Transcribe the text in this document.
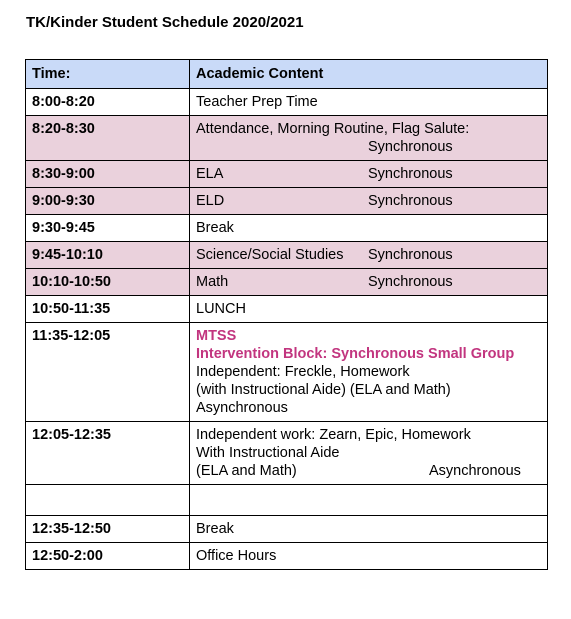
TK/Kinder Student Schedule 2020/2021
Time:	Academic Content
8:00-8:20	Teacher Prep Time
8:20-8:30	Attendance, Morning Routine, Flag Salute:
Synchronous

8:30-9:00	ELA Synchronous

9:00-9:30	ELD Synchronous

9:30-9:45	Break
9:45-10:10	Science/Social Studies Synchronous

10:10-10:50	Math Synchronous

10:50-11:35	LUNCH
11:35-12:05	MTSS
Intervention Block: Synchronous Small Group
Independent: Freckle, Homework
(with Instructional Aide) (ELA and Math)
Asynchronous

12:05-12:35	Independent work: Zearn, Epic, Homework
With Instructional Aide
(ELA and Math) Asynchronous

12:35-12:50	Break
12:50-2:00	Office Hours
